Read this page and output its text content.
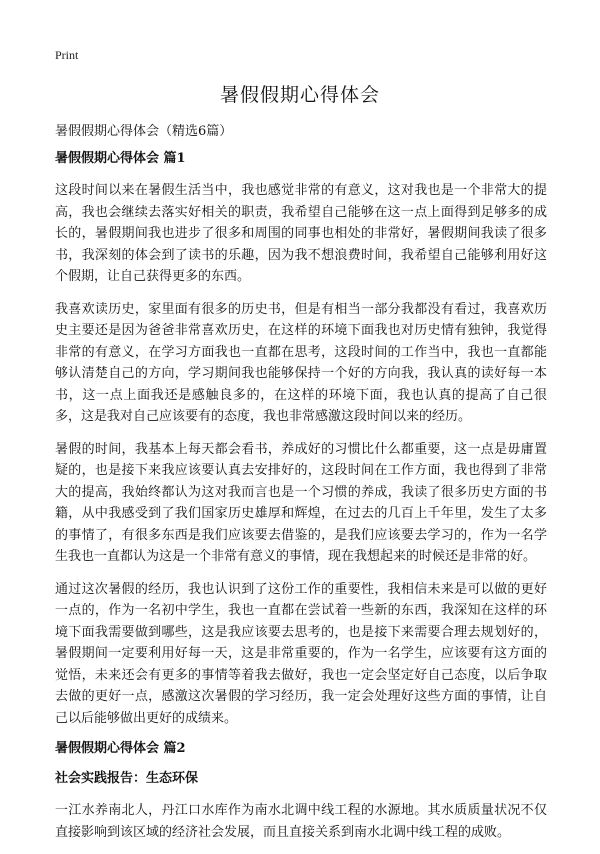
Print
暑假假期心得体会
暑假假期心得体会（精选6篇）
暑假假期心得体会 篇1

这段时间以来在暑假生活当中，我也感觉非常的有意义，这对我也是一个非常大的提高，我也会继续去落实好相关的职责，我希望自己能够在这一点上面得到足够多的成长的，暑假期间我也进步了很多和周围的同事也相处的非常好，暑假期间我读了很多书，我深刻的体会到了读书的乐趣，因为我不想浪费时间，我希望自己能够利用好这个假期，让自己获得更多的东西。

我喜欢读历史，家里面有很多的历史书，但是有相当一部分我都没有看过，我喜欢历史主要还是因为爸爸非常喜欢历史，在这样的环境下面我也对历史情有独钟，我觉得非常的有意义，在学习方面我也一直都在思考，这段时间的工作当中，我也一直都能够认清楚自己的方向，学习期间我也能够保持一个好的方向我，我认真的读好每一本书，这一点上面我还是感触良多的，在这样的环境下面，我也认真的提高了自己很多，这是我对自己应该要有的态度，我也非常感激这段时间以来的经历。

暑假的时间，我基本上每天都会看书，养成好的习惯比什么都重要，这一点是毋庸置疑的，也是接下来我应该要认真去安排好的，这段时间在工作方面，我也得到了非常大的提高，我始终都认为这对我而言也是一个习惯的养成，我读了很多历史方面的书籍，从中我感受到了我们国家历史雄厚和辉煌，在过去的几百上千年里，发生了太多的事情了，有很多东西是我们应该要去借鉴的，是我们应该要去学习的，作为一名学生我也一直都认为这是一个非常有意义的事情，现在我想起来的时候还是非常的好。

通过这次暑假的经历，我也认识到了这份工作的重要性，我相信未来是可以做的更好一点的，作为一名初中学生，我也一直都在尝试着一些新的东西，我深知在这样的环境下面我需要做到哪些，这是我应该要去思考的，也是接下来需要合理去规划好的，暑假期间一定要利用好每一天，这是非常重要的，作为一名学生，应该要有这方面的觉悟，未来还会有更多的事情等着我去做好，我也一定会坚定好自己态度，以后争取去做的更好一点，感激这次暑假的学习经历，我一定会处理好这些方面的事情，让自己以后能够做出更好的成绩来。

暑假假期心得体会 篇2
社会实践报告：生态环保

一江水养南北人，丹江口水库作为南水北调中线工程的水源地。其水质质量状况不仅直接影响到该区域的经济社会发展，而且直接关系到南水北调中线工程的成败。
